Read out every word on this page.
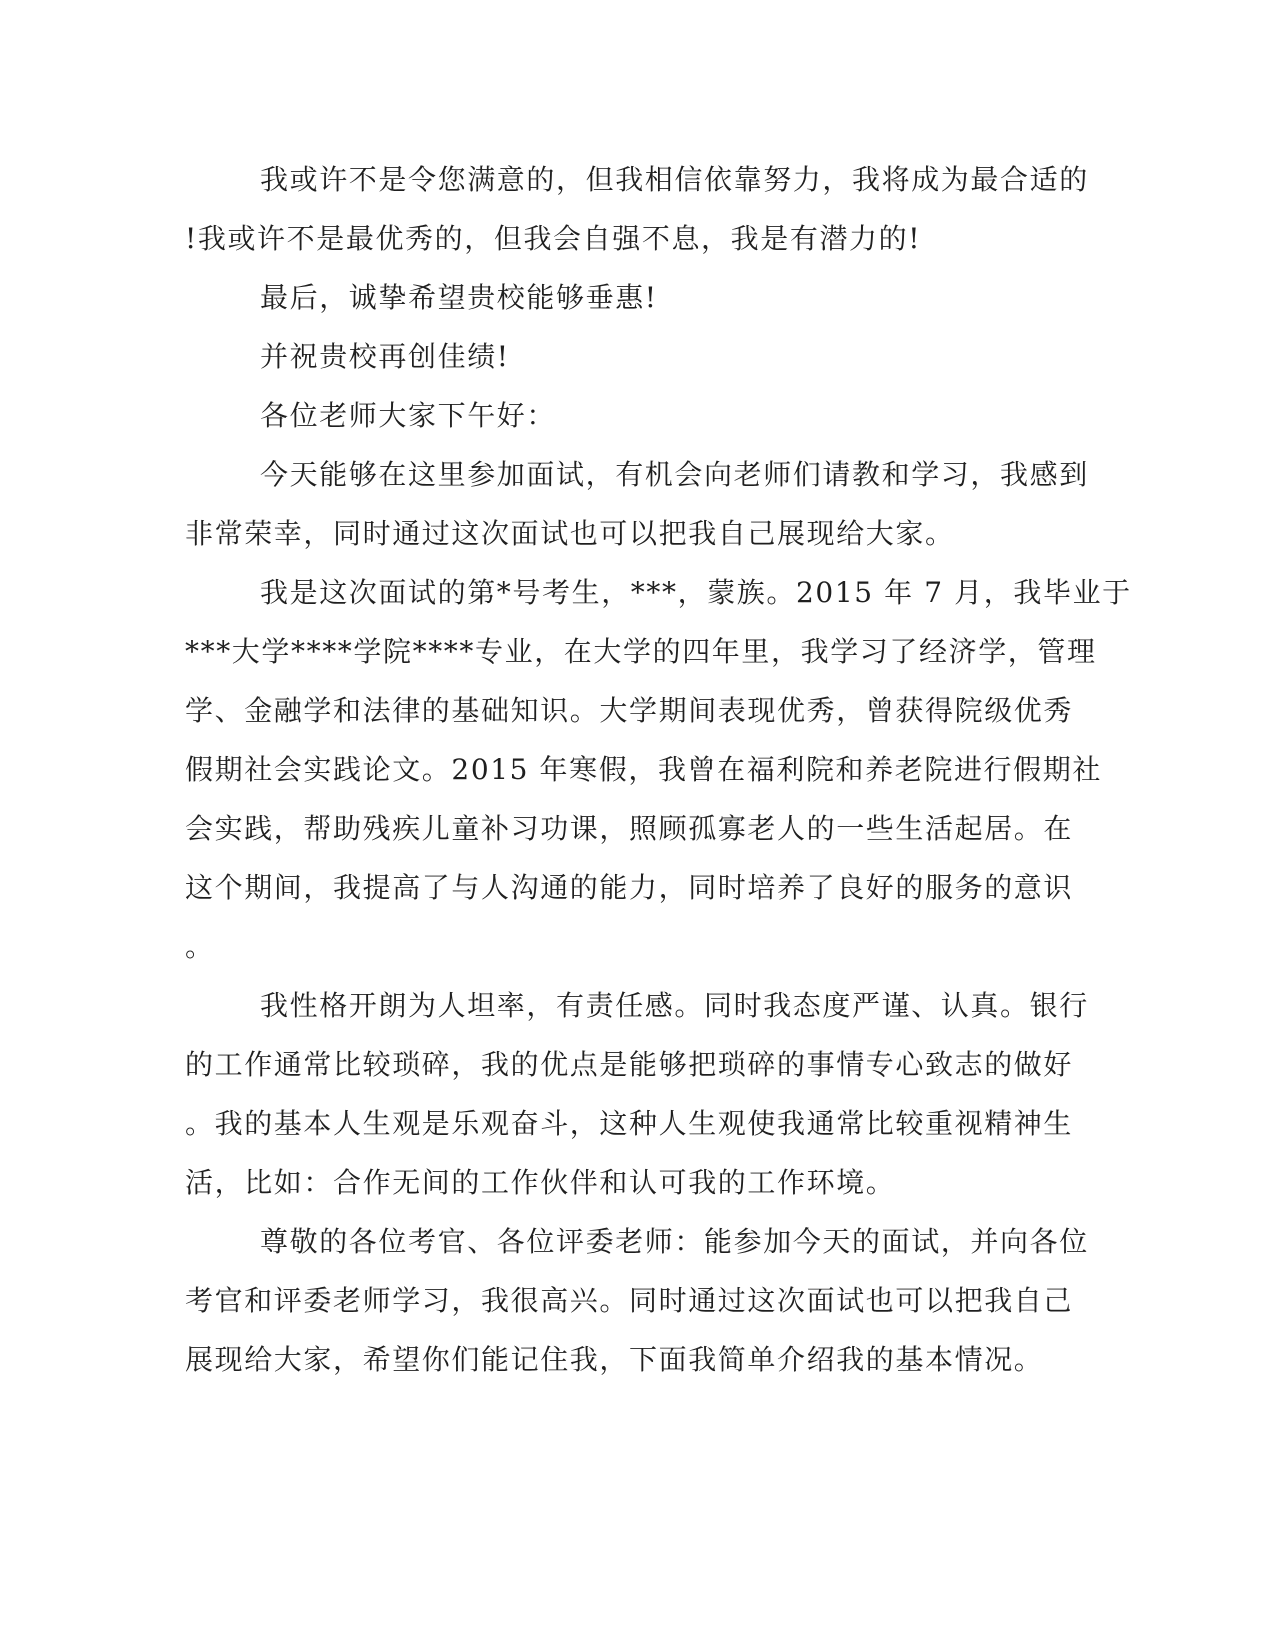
我或许不是令您满意的，但我相信依靠努力，我将成为最合适的
!我或许不是最优秀的，但我会自强不息，我是有潜力的!
最后，诚挚希望贵校能够垂惠!
并祝贵校再创佳绩!
各位老师大家下午好：
今天能够在这里参加面试，有机会向老师们请教和学习，我感到
非常荣幸，同时通过这次面试也可以把我自己展现给大家。
我是这次面试的第*号考生，***，蒙族。2015 年 7 月，我毕业于
***大学****学院****专业，在大学的四年里，我学习了经济学，管理
学、金融学和法律的基础知识。大学期间表现优秀，曾获得院级优秀
假期社会实践论文。2015 年寒假，我曾在福利院和养老院进行假期社
会实践，帮助残疾儿童补习功课，照顾孤寡老人的一些生活起居。在
这个期间，我提高了与人沟通的能力，同时培养了良好的服务的意识
。
我性格开朗为人坦率，有责任感。同时我态度严谨、认真。银行
的工作通常比较琐碎，我的优点是能够把琐碎的事情专心致志的做好
。我的基本人生观是乐观奋斗，这种人生观使我通常比较重视精神生
活，比如：合作无间的工作伙伴和认可我的工作环境。
尊敬的各位考官、各位评委老师：能参加今天的面试，并向各位
考官和评委老师学习，我很高兴。同时通过这次面试也可以把我自己
展现给大家，希望你们能记住我，下面我简单介绍我的基本情况。
